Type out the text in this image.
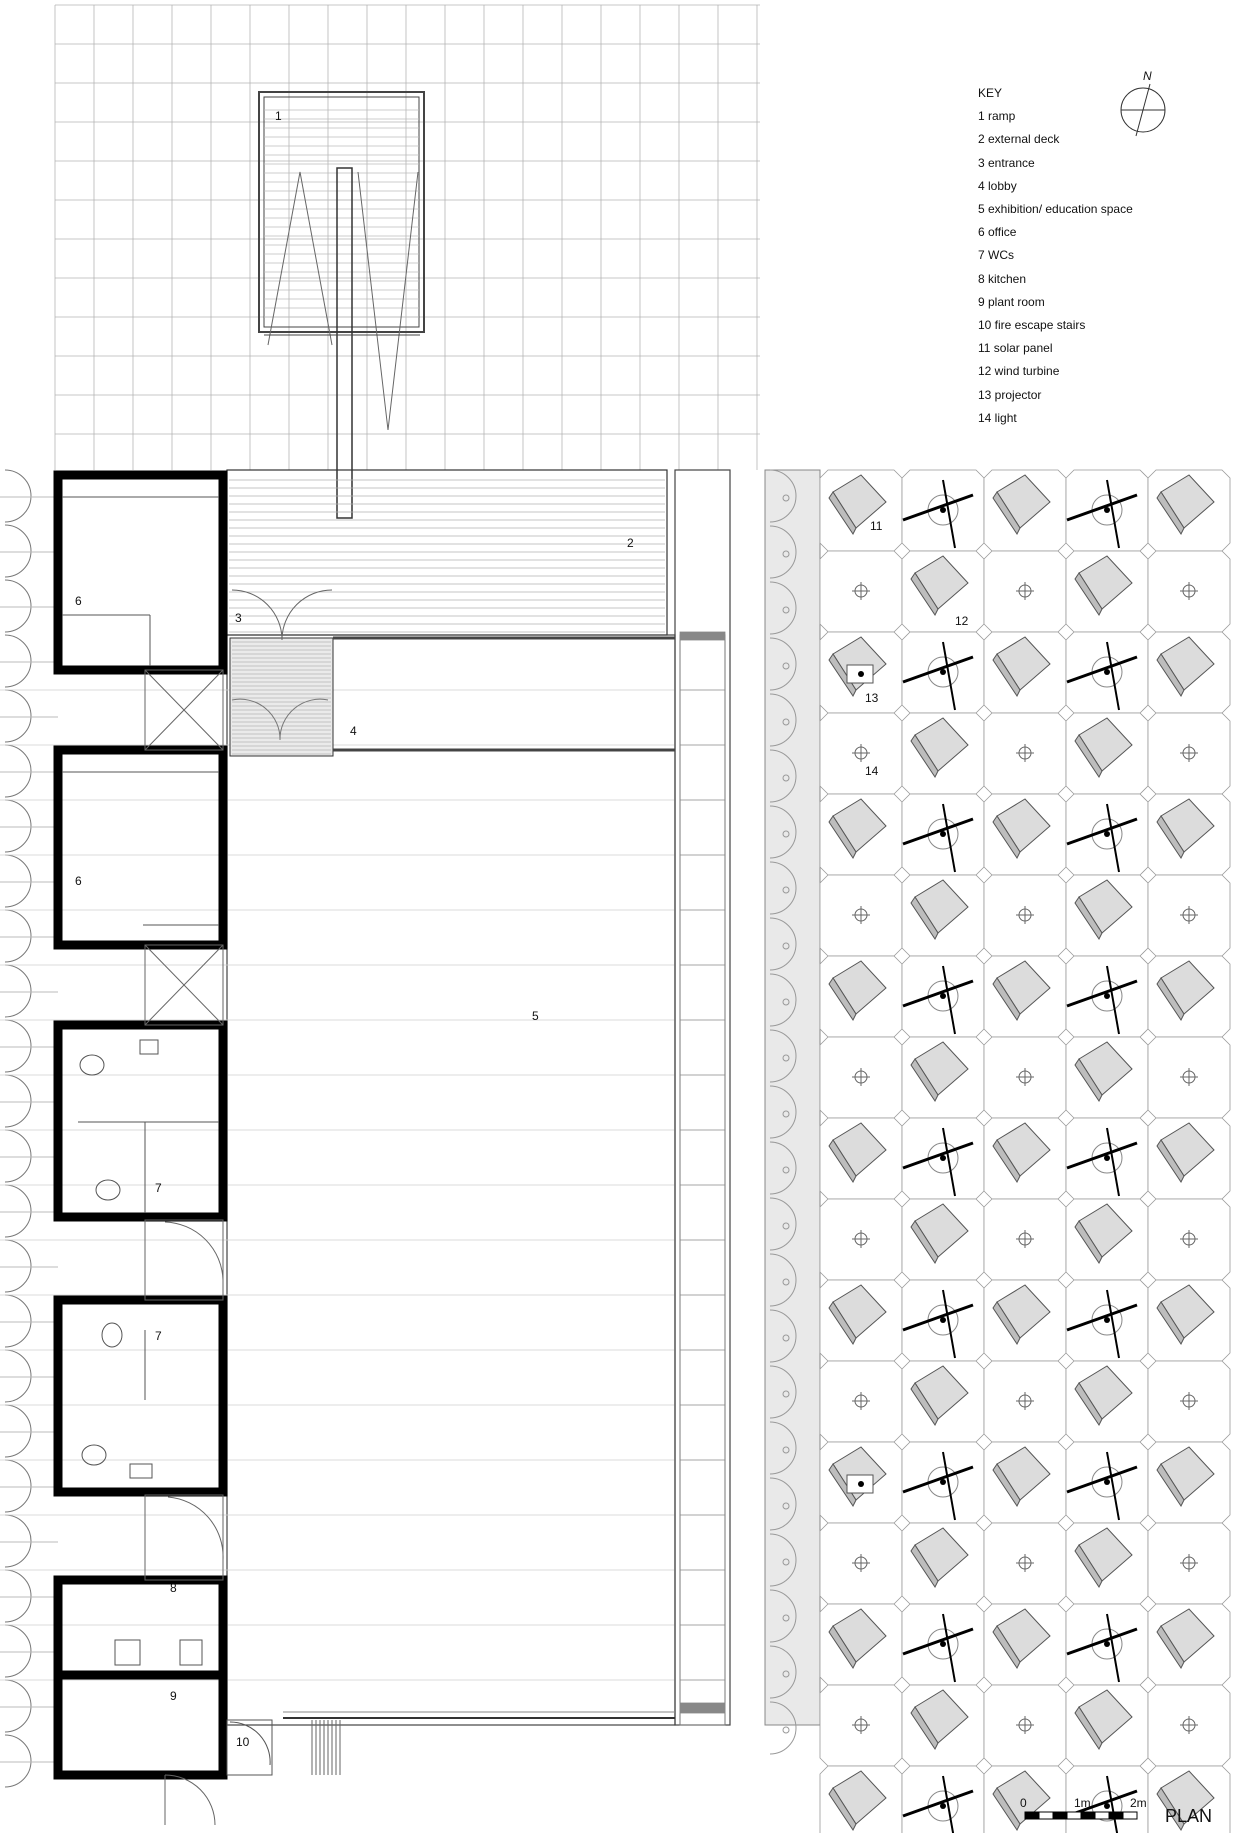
1
2
5
4
3
6
6
7
7
8
9
10
11
12
13
14
N
0	1m	2m
PLAN
KEY
1 ramp
2 external deck
3 entrance
4 lobby
5 exhibition/ education space
6 office
7 WCs
8 kitchen
9 plant room
10 fire escape stairs
11 solar panel
12 wind turbine
13 projector
14 light
